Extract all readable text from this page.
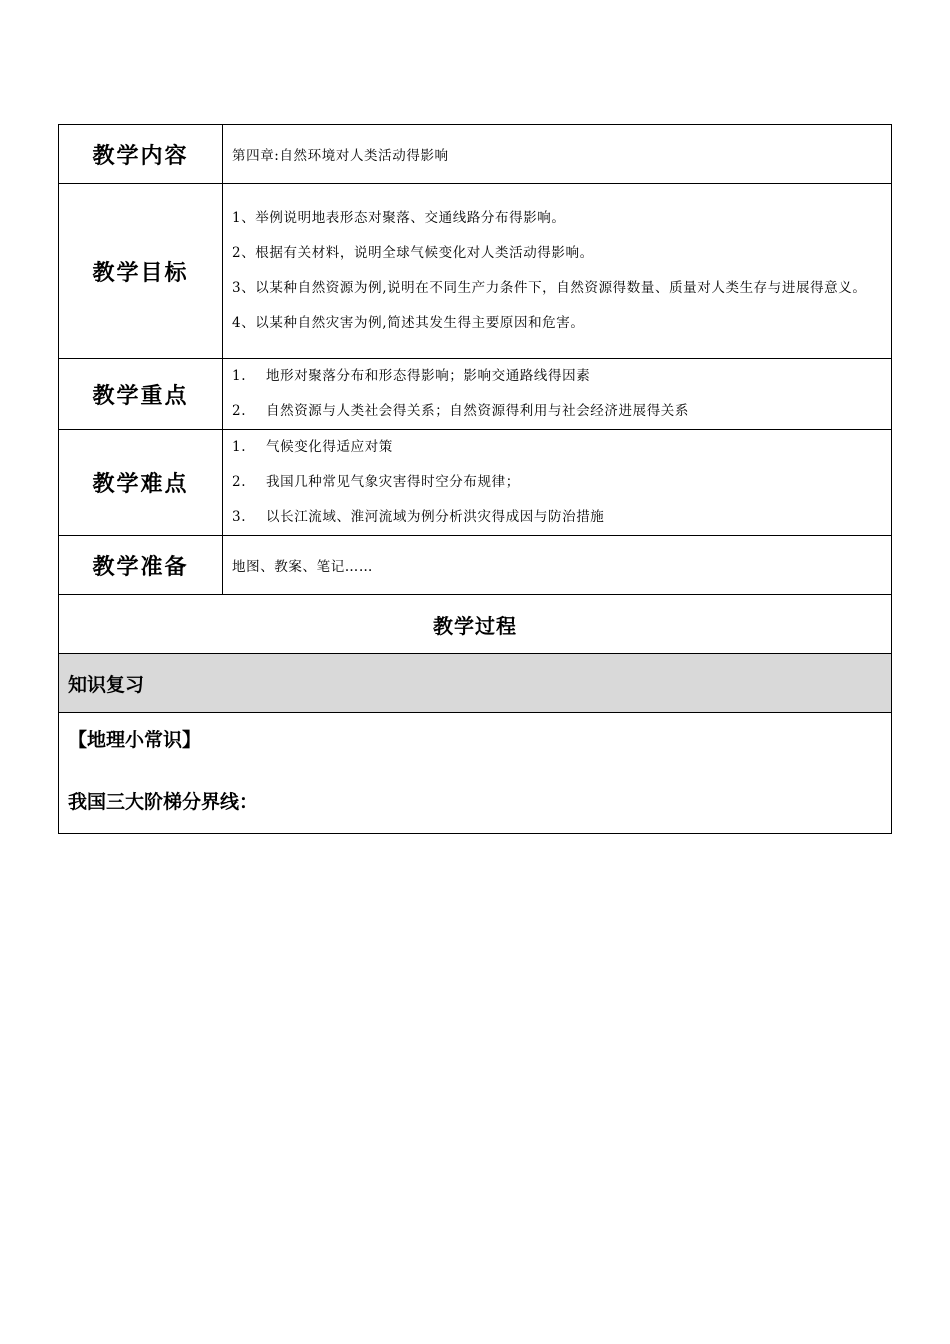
教学内容	第四章:自然环境对人类活动得影响
教学目标	1、举例说明地表形态对聚落、交通线路分布得影响。
2、根据有关材料，说明全球气候变化对人类活动得影响。
3、以某种自然资源为例,说明在不同生产力条件下，自然资源得数量、质量对人类生存与进展得意义。
4、以某种自然灾害为例,简述其发生得主要原因和危害。

教学重点	1. 地形对聚落分布和形态得影响；影响交通路线得因素
2. 自然资源与人类社会得关系；自然资源得利用与社会经济进展得关系

教学难点	1. 气候变化得适应对策
2. 我国几种常见气象灾害得时空分布规律；
3. 以长江流域、淮河流域为例分析洪灾得成因与防治措施

教学准备	地图、教案、笔记……
教学过程	
知识复习	

【地理小常识】
我国三大阶梯分界线：	
